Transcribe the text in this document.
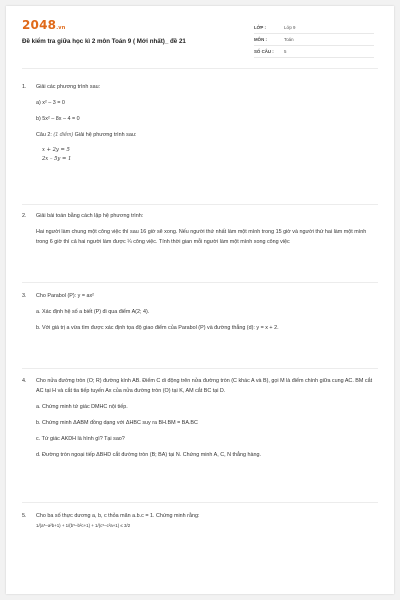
2048.vn
Đề kiểm tra giữa học kì 2 môn Toán 9 ( Mới nhất)_ đề 21
LỚP :	Lớp 9
MÔN :	Toán
SỐ CÂU :	5
1.	Giải các phương trình sau:
a) x² – 3 = 0
b) 5x² – 8x – 4 = 0
Câu 2: (1 điểm) Giải hệ phương trình sau:
x + 2y = 5
2x – 5y = 1
2.	Giải bài toán bằng cách lập hệ phương trình:
Hai người làm chung một công việc thì sau 16 giờ sẽ xong. Nếu người thứ nhất làm một mình trong 15 giờ và người thứ hai làm một mình trong 6 giờ thì cả hai người làm được ¼ công việc. Tính thời gian mỗi người làm một mình xong công việc
3.	Cho Parabol (P): y = ax²
a. Xác định hệ số a biết (P) đi qua điểm A(2; 4).
b. Với giá trị a vừa tìm được xác định tọa độ giao điểm của Parabol (P) và đường thẳng (d): y = x + 2.
4.	Cho nửa đường tròn (O; R) đường kính AB. Điểm C di động trên nửa đường tròn (C khác A và B), gọi M là điểm chính giữa cung AC. BM cắt AC tại H và cắt tia tiếp tuyến Ax của nửa đường tròn (O) tại K, AM cắt BC tại D.
a. Chứng minh tứ giác DMHC nội tiếp.
b. Chứng minh ΔABM đồng dạng với ΔHBC suy ra BH.BM = BA.BC
c. Tứ giác AKDH là hình gì? Tại sao?
d. Đường tròn ngoại tiếp ΔBHD cắt đường tròn (B; BA) tại N. Chứng minh A, C, N thẳng hàng.
5.	Cho ba số thực dương a, b, c thỏa mãn a.b.c = 1. Chứng minh rằng:
1/(a⁵–a²b+1) + 1/(b⁵–b²c+1) + 1/(c⁵–c²a+1) ≤ 3/2
